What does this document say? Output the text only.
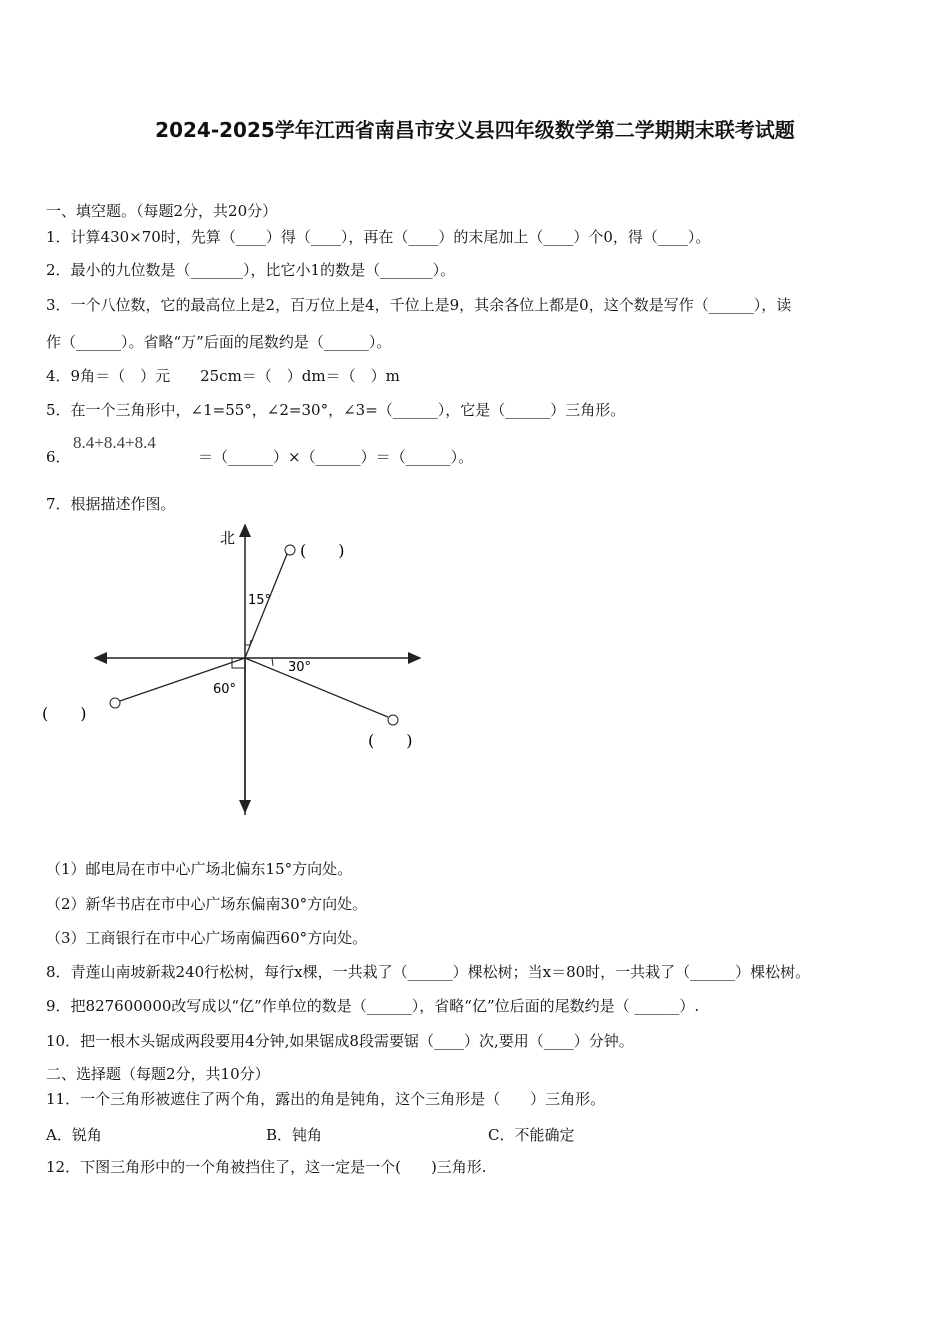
2024-2025学年江西省南昌市安义县四年级数学第二学期期末联考试题
一、填空题。（每题2分，共20分）
1．计算430×70时，先算（____）得（____），再在（____）的末尾加上（____）个0，得（____）。
2．最小的九位数是（_______），比它小1的数是（_______）。
3．一个八位数，它的最高位上是2，百万位上是4，千位上是9，其余各位上都是0，这个数是写作（______），读
作（______）。省略“万”后面的尾数约是（______）。
4．9角＝（　）元　　25cm＝（　）dm＝（　）m
5．在一个三角形中，∠1=55°，∠2=30°，∠3=（______），它是（______）三角形。
8.4+8.4+8.4
6．　　　　　　　　　＝（______）×（______）＝（______）。
7．根据描述作图。
北
15°
30°
60°
(　　)
(　　)
(　　)
（1）邮电局在市中心广场北偏东15°方向处。
（2）新华书店在市中心广场东偏南30°方向处。
（3）工商银行在市中心广场南偏西60°方向处。
8．青莲山南坡新栽240行松树，每行x棵，一共栽了（______）棵松树；当x＝80时，一共栽了（______）棵松树。
9．把827600000改写成以“亿”作单位的数是（______），省略“亿”位后面的尾数约是（ ______）.
10．把一根木头锯成两段要用4分钟,如果锯成8段需要锯（____）次,要用（____）分钟。
二、选择题（每题2分，共10分）
11．一个三角形被遮住了两个角，露出的角是钝角，这个三角形是（　　）三角形。
A．锐角	B．钝角	C．不能确定
12．下图三角形中的一个角被挡住了，这一定是一个(　　)三角形.
